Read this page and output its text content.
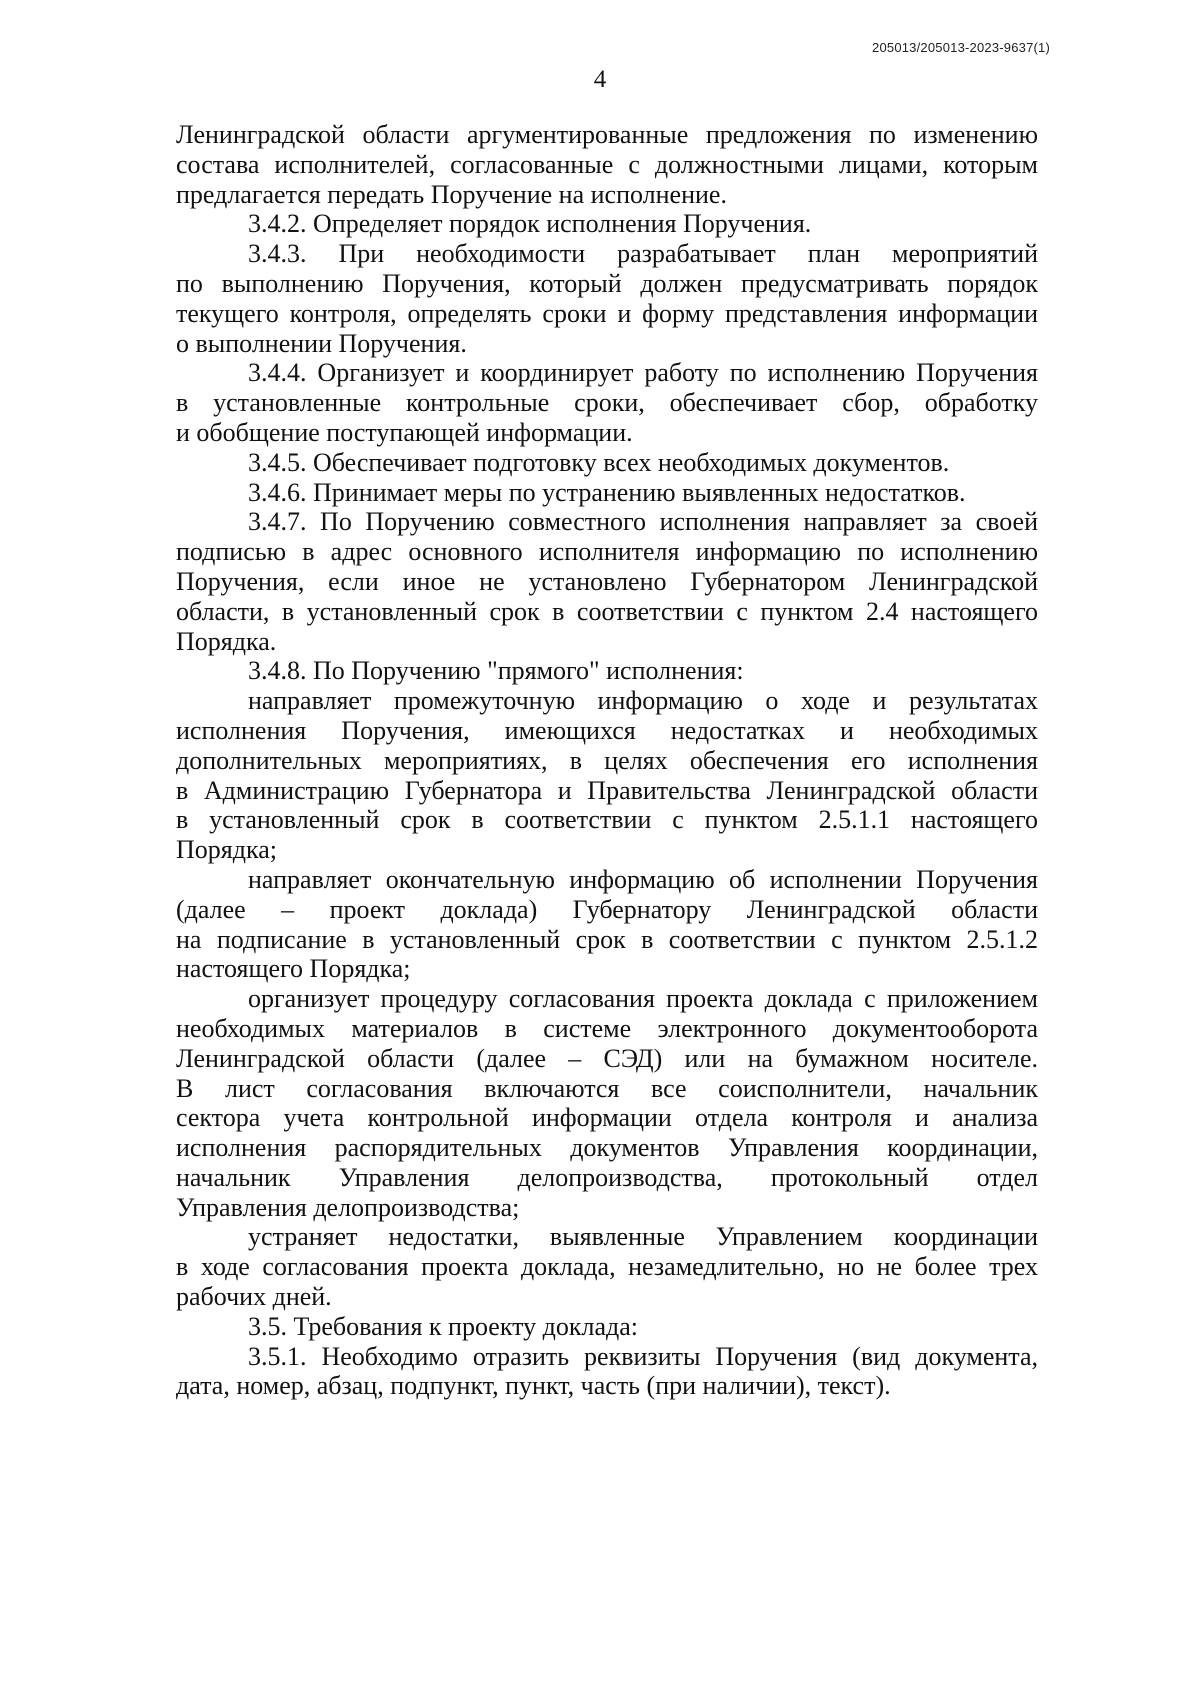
205013/205013-2023-9637(1)
4
Ленинградской области аргументированные предложения по изменению
состава исполнителей, согласованные с должностными лицами, которым
предлагается передать Поручение на исполнение.
3.4.2. Определяет порядок исполнения Поручения.
3.4.3. При необходимости разрабатывает план мероприятий
по выполнению Поручения, который должен предусматривать порядок
текущего контроля, определять сроки и форму представления информации
о выполнении Поручения.
3.4.4. Организует и координирует работу по исполнению Поручения
в установленные контрольные сроки, обеспечивает сбор, обработку
и обобщение поступающей информации.
3.4.5. Обеспечивает подготовку всех необходимых документов.
3.4.6. Принимает меры по устранению выявленных недостатков.
3.4.7. По Поручению совместного исполнения направляет за своей
подписью в адрес основного исполнителя информацию по исполнению
Поручения, если иное не установлено Губернатором Ленинградской
области, в установленный срок в соответствии с пунктом 2.4 настоящего
Порядка.
3.4.8. По Поручению "прямого" исполнения:
направляет промежуточную информацию о ходе и результатах
исполнения Поручения, имеющихся недостатках и необходимых
дополнительных мероприятиях, в целях обеспечения его исполнения
в Администрацию Губернатора и Правительства Ленинградской области
в установленный срок в соответствии с пунктом 2.5.1.1 настоящего
Порядка;
направляет окончательную информацию об исполнении Поручения
(далее – проект доклада) Губернатору Ленинградской области
на подписание в установленный срок в соответствии с пунктом 2.5.1.2
настоящего Порядка;
организует процедуру согласования проекта доклада с приложением
необходимых материалов в системе электронного документооборота
Ленинградской области (далее – СЭД) или на бумажном носителе.
В лист согласования включаются все соисполнители, начальник
сектора учета контрольной информации отдела контроля и анализа
исполнения распорядительных документов Управления координации,
начальник Управления делопроизводства, протокольный отдел
Управления делопроизводства;
устраняет недостатки, выявленные Управлением координации
в ходе согласования проекта доклада, незамедлительно, но не более трех
рабочих дней.
3.5. Требования к проекту доклада:
3.5.1. Необходимо отразить реквизиты Поручения (вид документа,
дата, номер, абзац, подпункт, пункт, часть (при наличии), текст).
